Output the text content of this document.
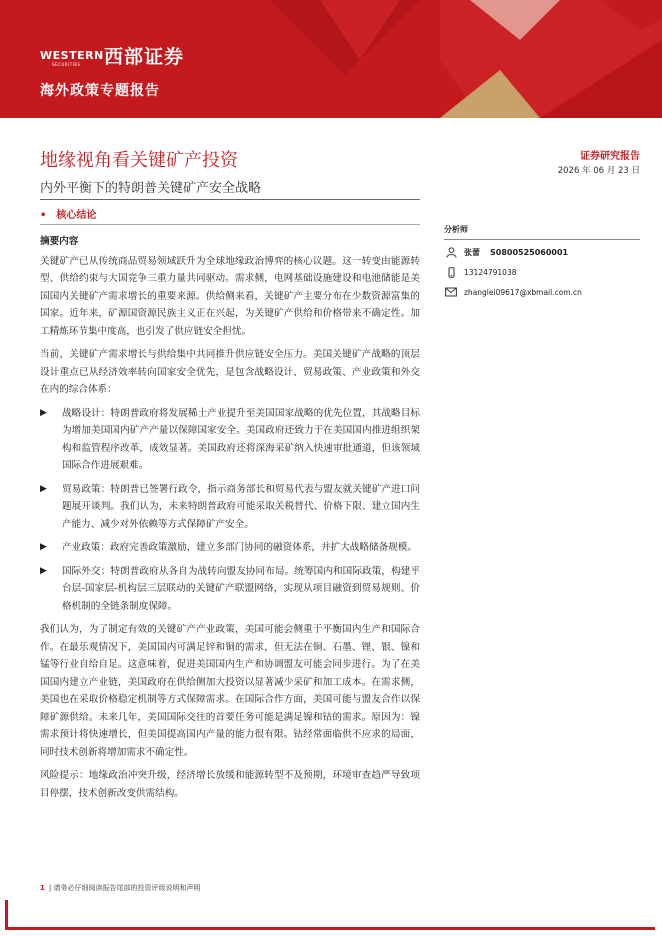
WESTERN
SECURITIES 西部证券
海外政策专题报告
地缘视角看关键矿产投资
内外平衡下的特朗普关键矿产安全战略
• 核心结论
证券研究报告
2026 年 06 月 23 日
分析师
张蕾 S0800525060001
13124791038
zhanglei09617@xbmail.com.cn
摘要内容

关键矿产已从传统商品贸易领域跃升为全球地缘政治博弈的核心议题。这一转变由能源转型、供给约束与大国竞争三重力量共同驱动。需求侧，电网基础设施建设和电池储能是美国国内关键矿产需求增长的重要来源。供给侧来看，关键矿产主要分布在少数资源富集的国家。近年来，矿源国资源民族主义正在兴起，为关键矿产供给和价格带来不确定性。加工精炼环节集中度高，也引发了供应链安全担忧。

当前，关键矿产需求增长与供给集中共同推升供应链安全压力。美国关键矿产战略的顶层设计重点已从经济效率转向国家安全优先，是包含战略设计、贸易政策、产业政策和外交在内的综合体系：

▶	战略设计：特朗普政府将发展稀土产业提升至美国国家战略的优先位置，其战略目标为增加美国国内矿产产量以保障国家安全。美国政府还致力于在美国国内推进组织架构和监管程序改革，成效显著。美国政府还将深海采矿纳入快速审批通道，但该领域国际合作进展艰难。
▶	贸易政策：特朗普已签署行政令，指示商务部长和贸易代表与盟友就关键矿产进口问题展开谈判。我们认为，未来特朗普政府可能采取关税替代、价格下限、建立国内生产能力、减少对外依赖等方式保障矿产安全。
▶	产业政策：政府完善政策激励，建立多部门协同的融资体系，并扩大战略储备规模。
▶	国际外交：特朗普政府从各自为战转向盟友协同布局。统筹国内和国际政策，构建平台层-国家层-机构层三层联动的关键矿产联盟网络，实现从项目融资到贸易规则、价格机制的全链条制度保障。

我们认为，为了制定有效的关键矿产产业政策，美国可能会侧重于平衡国内生产和国际合作。在最乐观情况下，美国国内可满足锌和铜的需求，但无法在铜、石墨、锂、银、镍和锰等行业自给自足。这意味着，促进美国国内生产和协调盟友可能会同步进行。为了在美国国内建立产业链，美国政府在供给侧加大投资以显著减少采矿和加工成本。在需求侧，美国也在采取价格稳定机制等方式保障需求。在国际合作方面，美国可能与盟友合作以保障矿源供给。未来几年，美国国际交往的首要任务可能是满足镍和钴的需求。原因为：镍需求预计将快速增长，但美国提高国内产量的能力很有限。钴经常面临供不应求的局面，同时技术创新将增加需求不确定性。

风险提示：地缘政治冲突升级，经济增长放缓和能源转型不及预期，环境审查趋严导致项目停摆，技术创新改变供需结构。

1 | 请务必仔细阅读报告尾部的投资评级说明和声明
